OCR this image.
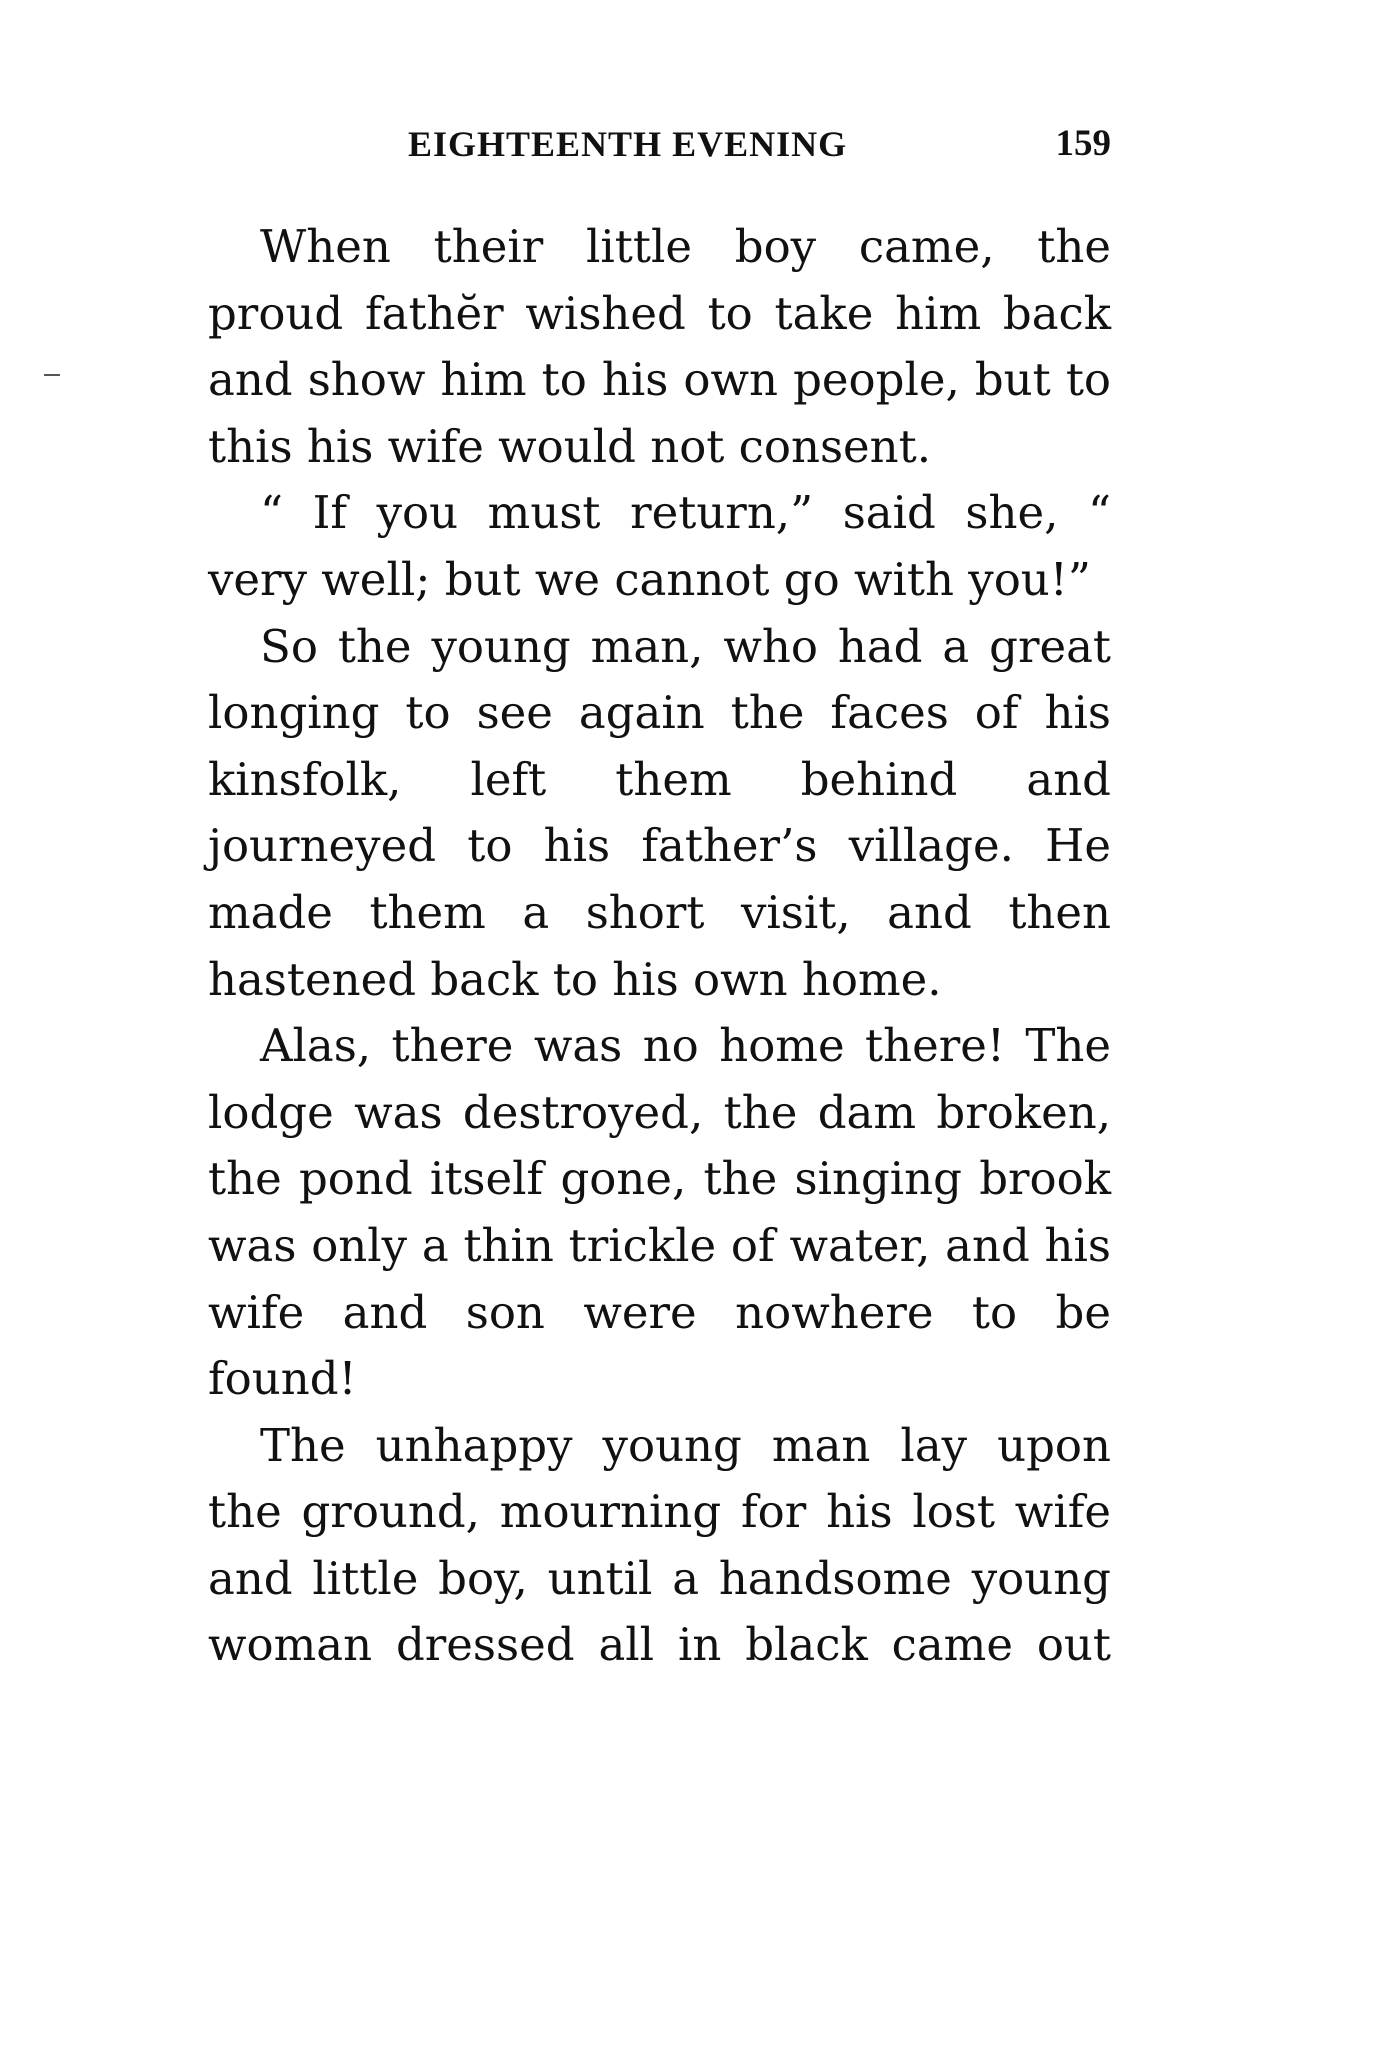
EIGHTEENTH EVENING	159

When their little boy came, the proud fathĕr wished to take him back and show him to his own people, but to this his wife would not consent.

“ If you must return,” said she, “ very well; but we cannot go with you!”

So the young man, who had a great longing to see again the faces of his kinsfolk, left them behind and journeyed to his father’s village. He made them a short visit, and then hastened back to his own home.

Alas, there was no home there! The lodge was destroyed, the dam broken, the pond itself gone, the singing brook was only a thin trickle of water, and his wife and son were nowhere to be found!

The unhappy young man lay upon the ground, mourning for his lost wife and little boy, until a handsome young woman dressed all in black came out
